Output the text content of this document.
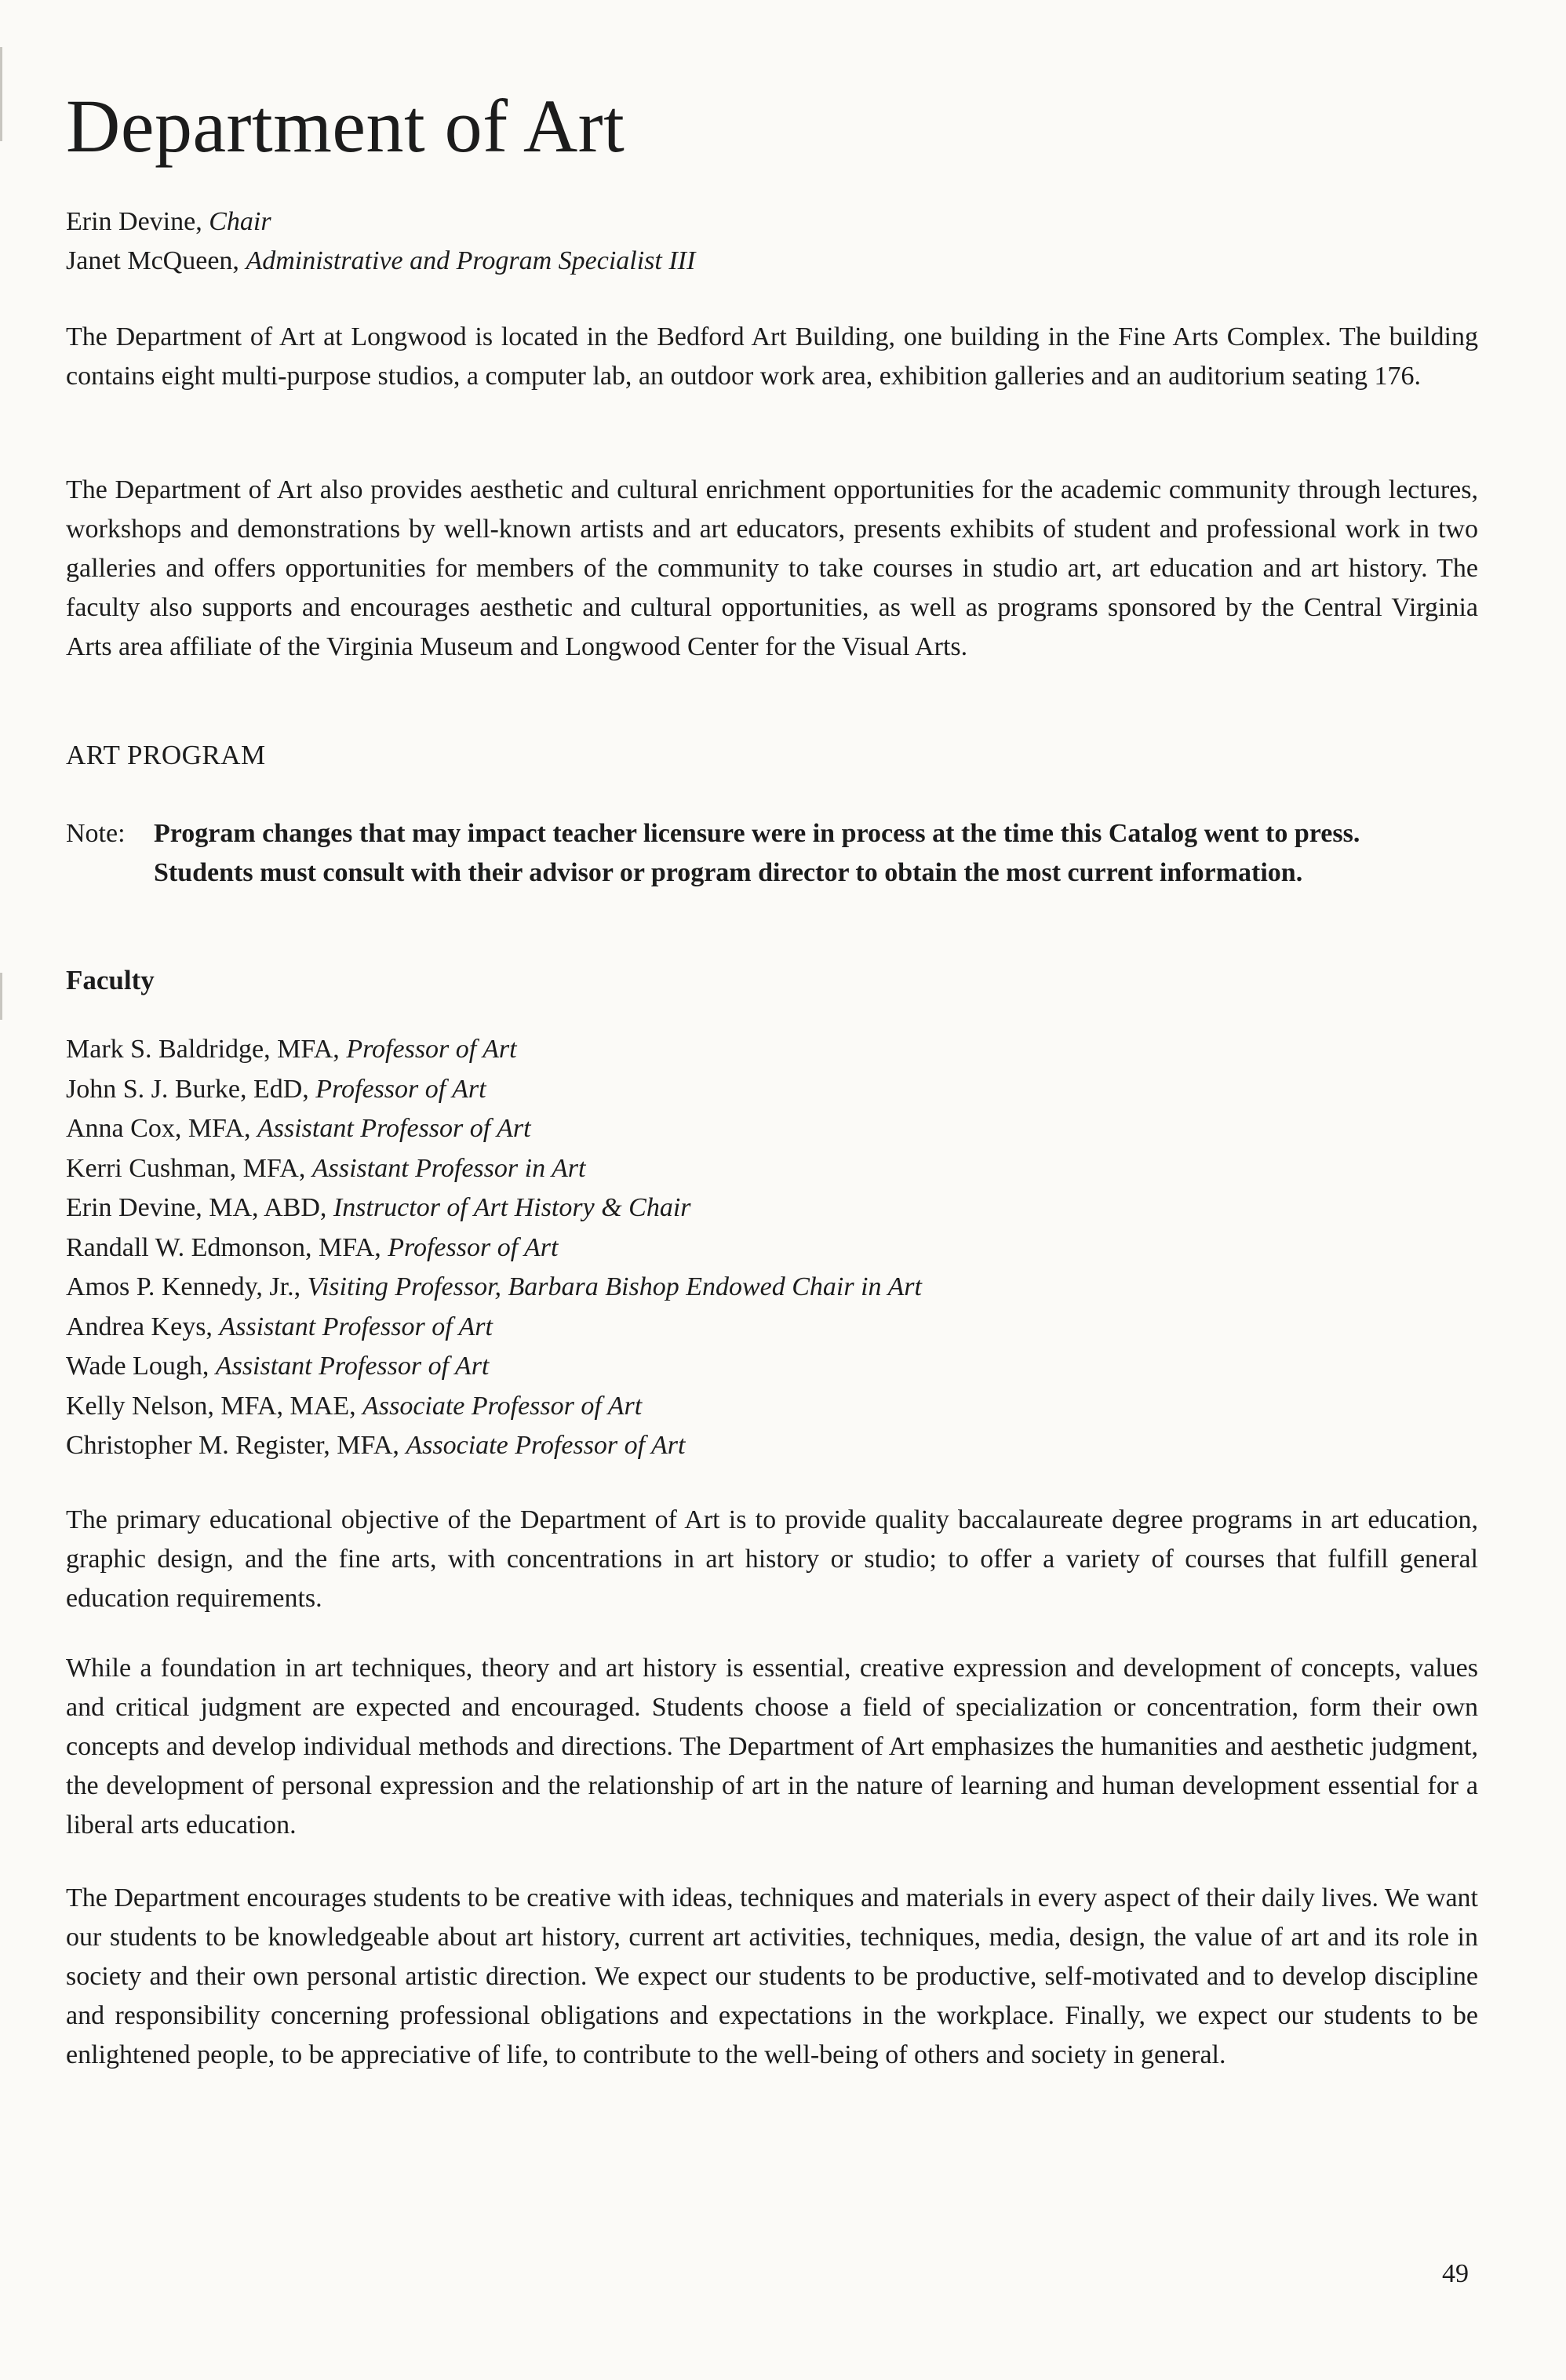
Department of Art
Erin Devine, Chair
Janet McQueen, Administrative and Program Specialist III

The Department of Art at Longwood is located in the Bedford Art Building, one building in the Fine Arts Complex. The building contains eight multi-purpose studios, a computer lab, an outdoor work area, exhibition galleries and an auditorium seating 176.

The Department of Art also provides aesthetic and cultural enrichment opportunities for the academic community through lectures, workshops and demonstrations by well-known artists and art educators, presents exhibits of student and professional work in two galleries and offers opportunities for members of the community to take courses in studio art, art education and art history. The faculty also supports and encourages aesthetic and cultural opportunities, as well as programs sponsored by the Central Virginia Arts area affiliate of the Virginia Museum and Longwood Center for the Visual Arts.

ART PROGRAM
Note: Program changes that may impact teacher licensure were in process at the time this Catalog went to press. Students must consult with their advisor or program director to obtain the most current information.
Faculty
Mark S. Baldridge, MFA, Professor of Art
John S. J. Burke, EdD, Professor of Art
Anna Cox, MFA, Assistant Professor of Art
Kerri Cushman, MFA, Assistant Professor in Art
Erin Devine, MA, ABD, Instructor of Art History & Chair
Randall W. Edmonson, MFA, Professor of Art
Amos P. Kennedy, Jr., Visiting Professor, Barbara Bishop Endowed Chair in Art
Andrea Keys, Assistant Professor of Art
Wade Lough, Assistant Professor of Art
Kelly Nelson, MFA, MAE, Associate Professor of Art
Christopher M. Register, MFA, Associate Professor of Art

The primary educational objective of the Department of Art is to provide quality baccalaureate degree programs in art education, graphic design, and the fine arts, with concentrations in art history or studio; to offer a variety of courses that fulfill general education requirements.

While a foundation in art techniques, theory and art history is essential, creative expression and development of concepts, values and critical judgment are expected and encouraged. Students choose a field of specialization or concentration, form their own concepts and develop individual methods and directions. The Department of Art emphasizes the humanities and aesthetic judgment, the development of personal expression and the relationship of art in the nature of learning and human development essential for a liberal arts education.

The Department encourages students to be creative with ideas, techniques and materials in every aspect of their daily lives. We want our students to be knowledgeable about art history, current art activities, techniques, media, design, the value of art and its role in society and their own personal artistic direction. We expect our students to be productive, self-motivated and to develop discipline and responsibility concerning professional obligations and expectations in the workplace. Finally, we expect our students to be enlightened people, to be appreciative of life, to contribute to the well-being of others and society in general.

49
